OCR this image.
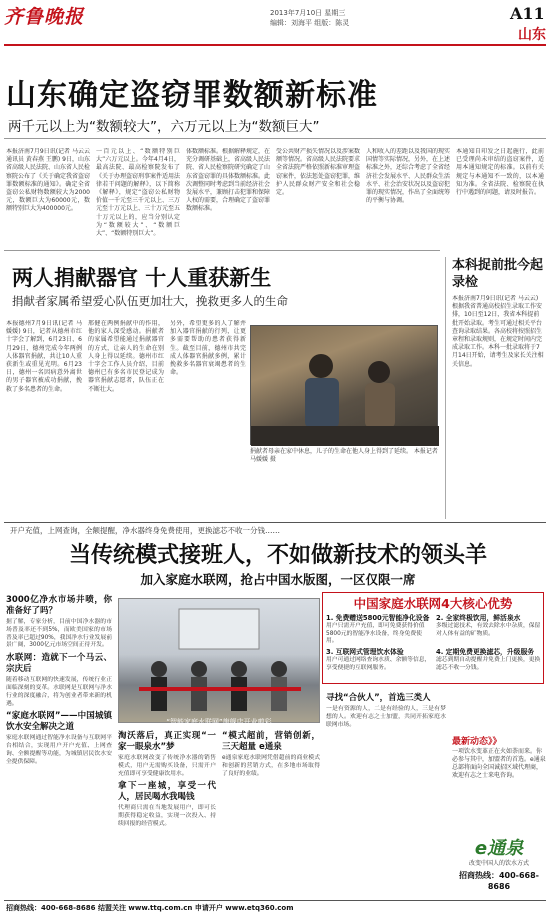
齐鲁晚报	2013年7月10日 星期三
编辑：刘海平 组版：陈灵	A11
山东
山东确定盗窃罪数额新标准
两千元以上为“数额较大”，六万元以上为“数额巨大”
本报济南7月9日讯(记者 马云云 通讯员 黄春燕 王鹏) 9日，山东省高级人民法院、山东省人民检察院公布了《关于确定我省盗窃罪数额标准的通知》。确定全省盗窃公私财物数额较大为2000元，数额巨大为60000元，数额特别巨大为400000元。
一百元以上、“数额特别巨大”六万元以上。今年4月4日，最高法院、最高检察院发布了《关于办理盗窃刑事案件适用法律若干问题的解释》，以下简称《解释》，规定“盗窃公私财物价值一千元至三千元以上、三万元至十万元以上、三十万元至五十万元以上的，应当分别认定为“数额较大”、“数额巨大”、“数额特别巨大”。
体数额标准。根据解释规定，在充分调研基础上，省高级人民法院、省人民检察院研究确定了山东省盗窃罪的具体数额标准。此次调整同时考虑到当前经济社会发展水平，兼顾打击犯罪和保障人权的需要，合理确定了盗窃罪数额标准。
受公共财产损失情况以及涉案数额等情况。省高级人民法院要求全省法院严格依照新标准审理盗窃案件，依法惩处盗窃犯罪，维护人民群众财产安全和社会稳定。
人和收入的差距以及我国的现实国情等实际情况，另外，在上述标准之外，还综合考虑了全省经济社会发展水平、人民群众生活水平、社会治安状况以及盗窃犯罪的现实情况，作出了全面统筹的平衡与协调。
本通知自印发之日起施行，此前已受理尚未审结的盗窃案件，适用本通知规定的标准。以前有关规定与本通知不一致的，以本通知为准。全省法院、检察院在执行中遇到的问题，请及时报告。
本科捉前批今起录检
本报济南7月9日讯(记者 马云云) 根据我省普通高校招生录取工作安排，10日至12日，我省本科提前批开始录取。考生可通过相关平台查询录取结果。各高校将按照招生章程和录取规则，在规定时间内完成录取工作。本科一批录取将于7月14日开始，请考生及家长关注相关信息。
两人捐献器官 十人重获新生
捐献者家属希望爱心队伍更加壮大，挽救更多人的生命
本报德州7月9日讯(记者 马媛媛) 9日，记者从德州市红十字会了解到，6月23日、6月29日，德州完成今年两例人体器官捐献，共让10人重获新生或重见光明。6月23日，德州一名因病意外离世的男子器官被成功捐献，挽救了多名患者的生命。
邢健在两例捐献中的作用，他的家人深受感动。捐献者的家属希望能通过捐献器官的方式，让亲人的生命在别人身上得以延续。德州市红十字会工作人员介绍，目前德州已有多名市民登记成为器官捐献志愿者，队伍正在不断壮大。
另外，希望更多的人了解并加入器官捐献的行列，让更多需要帮助的患者获得新生。截至目前，德州市共完成人体器官捐献多例，累计挽救多名器官衰竭患者的生命。
捐献者母亲在家中休息，儿子的生命在他人身上得到了延续。 本报记者 马媛媛 摄
开户充值，上网查询，全额提醒，净水器终身免费使用，更换滤芯不收一分钱……
当传统模式接班人，不如做新技术的领头羊
加入家庭水联网，抢占中国水版图，一区仅限一席
3000亿净水市场井喷，你准备好了吗？
据了解，专家分析，目前中国净水器的市场普及率还不到5%，而欧美国家的市场普及率已超过90%，我国净水行业发展前景广阔，3000亿元市场空间正待开发。
水联网：造就下一个马云、宗庆后
随着移动互联网的快速发展，传统行业正面临深刻的变革。水联网是互联网与净水行业的深度融合，将为创业者带来新的机遇。
“家庭水联网”——中国城镇饮水安全解决之道
家庭水联网通过智能净水设备与互联网平台相结合，实现用户开户充值、上网查询、全额提醒等功能，为城镇居民饮水安全提供保障。
“智能家庭水联网”旗舰店开业剪彩
淘沃落后，真正实现“一家一眼泉水”梦
家庭水联网改变了传统净水器的销售模式，用户无需购买设备，只需开户充值即可享受健康饮用水。
拿下一座城，享受一代人，居民喝水我喝钱
代理商只需在当地发展用户，即可长期获得稳定收益，实现一次投入、持续回报的经营模式。
“模式超前，营销创新，三天超量 e通泉
e通泉家庭水联网凭借超前的商业模式和创新的营销方式，在多地市场取得了良好的业绩。
中国家庭水联网4大核心优势
1. 免费赠送5800元智能净化设备
用户只需开户充值，即可免费获得价值5800元的智能净水设备，终身免费使用。
2. 全家终极饮用，鲜活泉水
多级过滤技术，有效去除水中杂质，保留对人体有益的矿物质。
3. 互联网式管理饮水体验
用户可通过网络查询水质、余额等信息，享受便捷的互联网服务。
4. 定期免费更换滤芯，升级服务
滤芯到期自动提醒并免费上门更换，更换滤芯不收一分钱。
寻找“合伙人”，首选三类人
一是有资源的人，二是有经验的人，三是有梦想的人。欢迎有志之士加盟，共同开拓家庭水联网市场。
最新动态》》
一项饮水变革正在火如荼而来。你必参与其中，加盟者的首选。e通泉总部将面向全国诚招区域代理商，欢迎有志之士来电咨询。
e通泉
改变中国人的饮水方式
招商热线：400-668-8686
招商热线：400-668-8686 结盟关注 www.ttq.com.cn 申请开户 www.etq360.com
